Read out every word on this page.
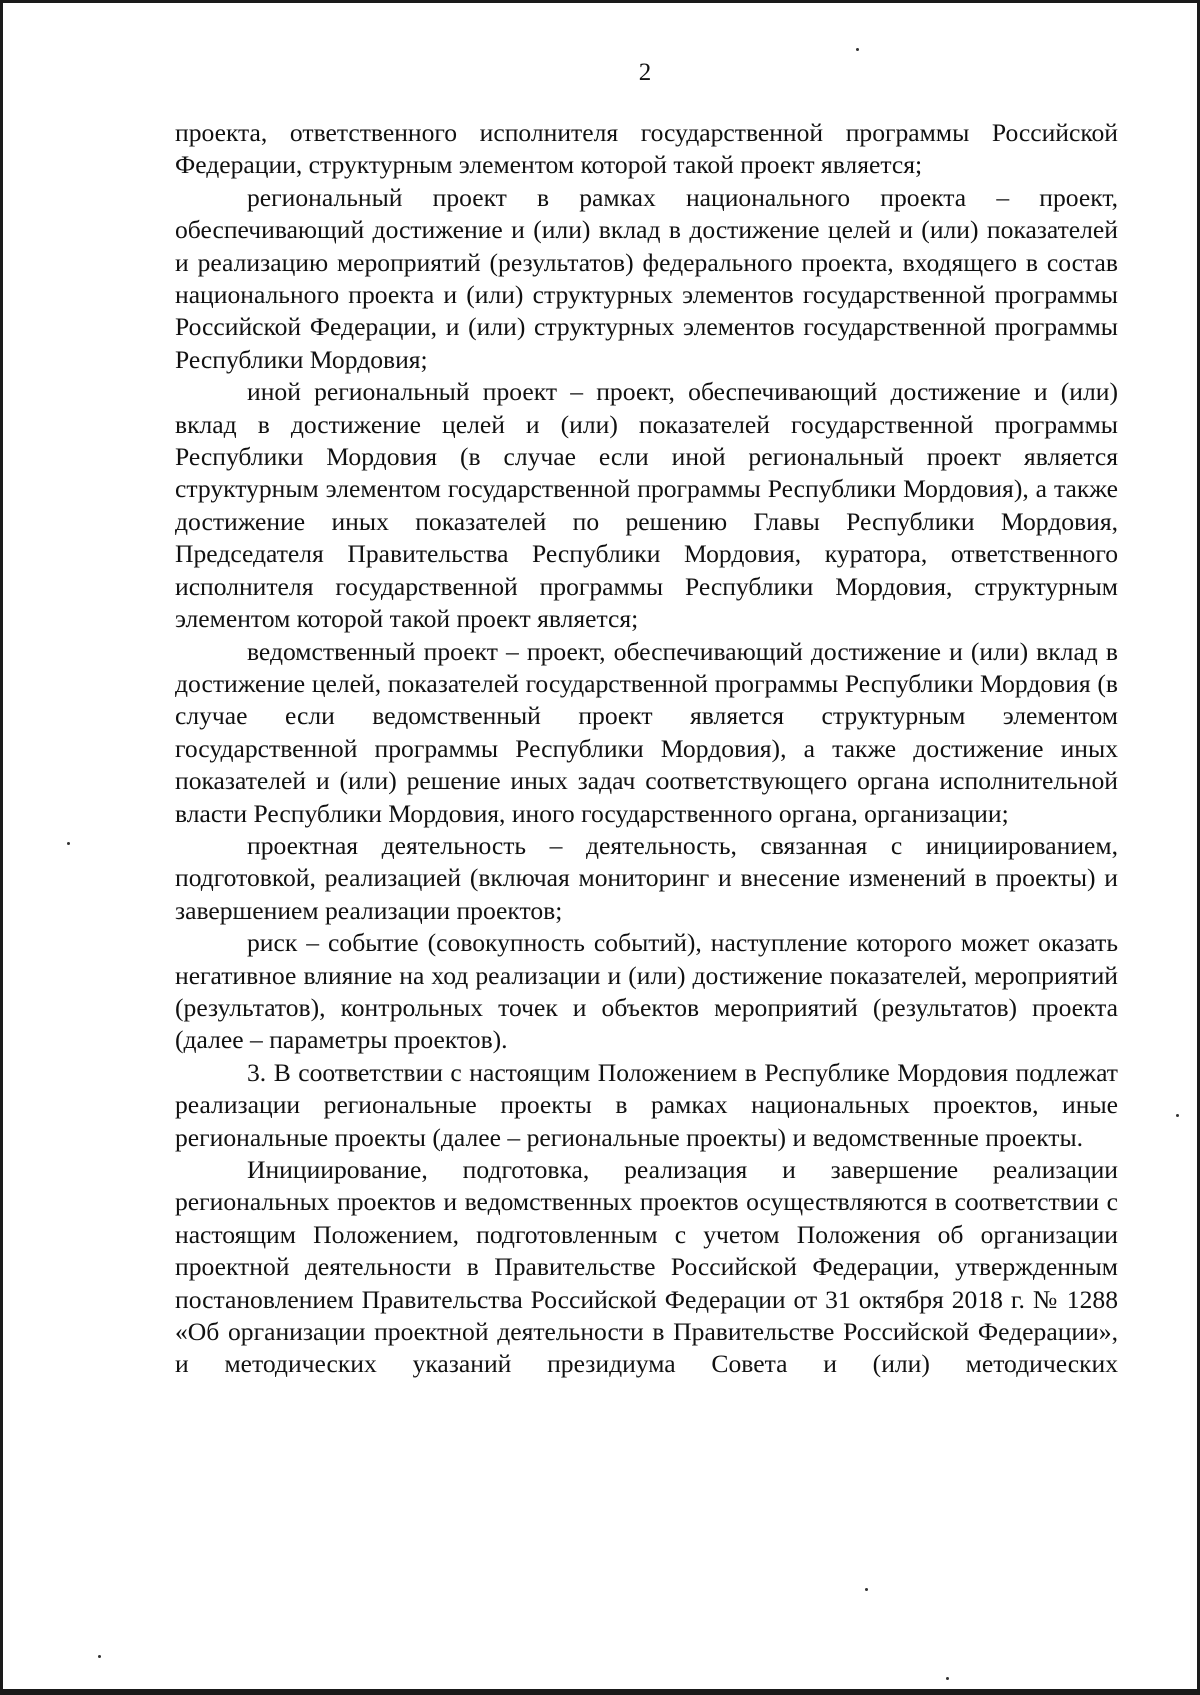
2

проекта, ответственного исполнителя государственной программы Российской Федерации, структурным элементом которой такой проект является;

региональный проект в рамках национального проекта – проект, обеспечивающий достижение и (или) вклад в достижение целей и (или) показателей и реализацию мероприятий (результатов) федерального проекта, входящего в состав национального проекта и (или) структурных элементов государственной программы Российской Федерации, и (или) структурных элементов государственной программы Республики Мордовия;

иной региональный проект – проект, обеспечивающий достижение и (или) вклад в достижение целей и (или) показателей государственной программы Республики Мордовия (в случае если иной региональный проект является структурным элементом государственной программы Республики Мордовия), а также достижение иных показателей по решению Главы Республики Мордовия, Председателя Правительства Республики Мордовия, куратора, ответственного исполнителя государственной программы Республики Мордовия, структурным элементом которой такой проект является;

ведомственный проект – проект, обеспечивающий достижение и (или) вклад в достижение целей, показателей государственной программы Республики Мордовия (в случае если ведомственный проект является структурным элементом государственной программы Республики Мордовия), а также достижение иных показателей и (или) решение иных задач соответствующего органа исполнительной власти Республики Мордовия, иного государственного органа, организации;

проектная деятельность – деятельность, связанная с инициированием, подготовкой, реализацией (включая мониторинг и внесение изменений в проекты) и завершением реализации проектов;

риск – событие (совокупность событий), наступление которого может оказать негативное влияние на ход реализации и (или) достижение показателей, мероприятий (результатов), контрольных точек и объектов мероприятий (результатов) проекта (далее – параметры проектов).

3. В соответствии с настоящим Положением в Республике Мордовия подлежат реализации региональные проекты в рамках национальных проектов, иные региональные проекты (далее – региональные проекты) и ведомственные проекты.

Инициирование, подготовка, реализация и завершение реализации региональных проектов и ведомственных проектов осуществляются в соответствии с настоящим Положением, подготовленным с учетом Положения об организации проектной деятельности в Правительстве Российской Федерации, утвержденным постановлением Правительства Российской Федерации от 31 октября 2018 г. № 1288 «Об организации проектной деятельности в Правительстве Российской Федерации», и методических указаний президиума Совета и (или) методических
